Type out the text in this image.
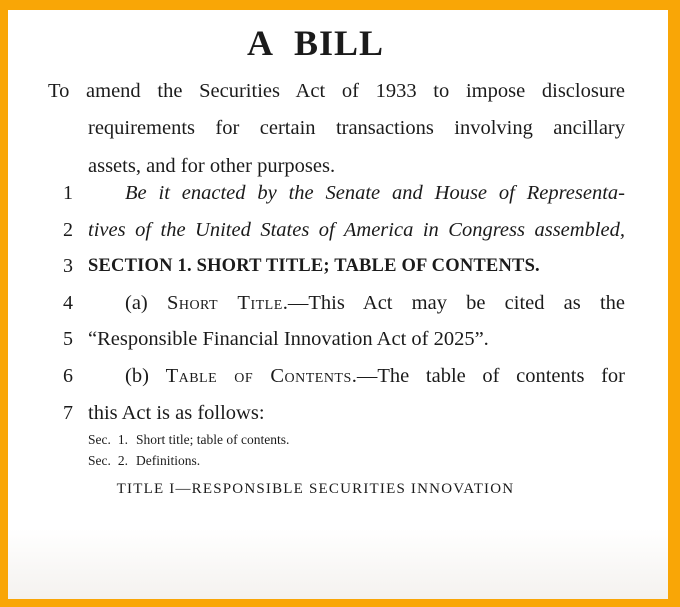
A BILL
To amend the Securities Act of 1933 to impose disclosure
requirements for certain transactions involving ancillary
assets, and for other purposes.
1	Be it enacted by the Senate and House of Representa-
2 tives of the United States of America in Congress assembled,
3 SECTION 1. SHORT TITLE; TABLE OF CONTENTS.
4	(a) Short Title.—This Act may be cited as the
5 “Responsible Financial Innovation Act of 2025”.
6	(b) Table of Contents.—The table of contents for
7 this Act is as follows:
Sec. 1. Short title; table of contents.
Sec. 2. Definitions.
TITLE I—RESPONSIBLE SECURITIES INNOVATION
